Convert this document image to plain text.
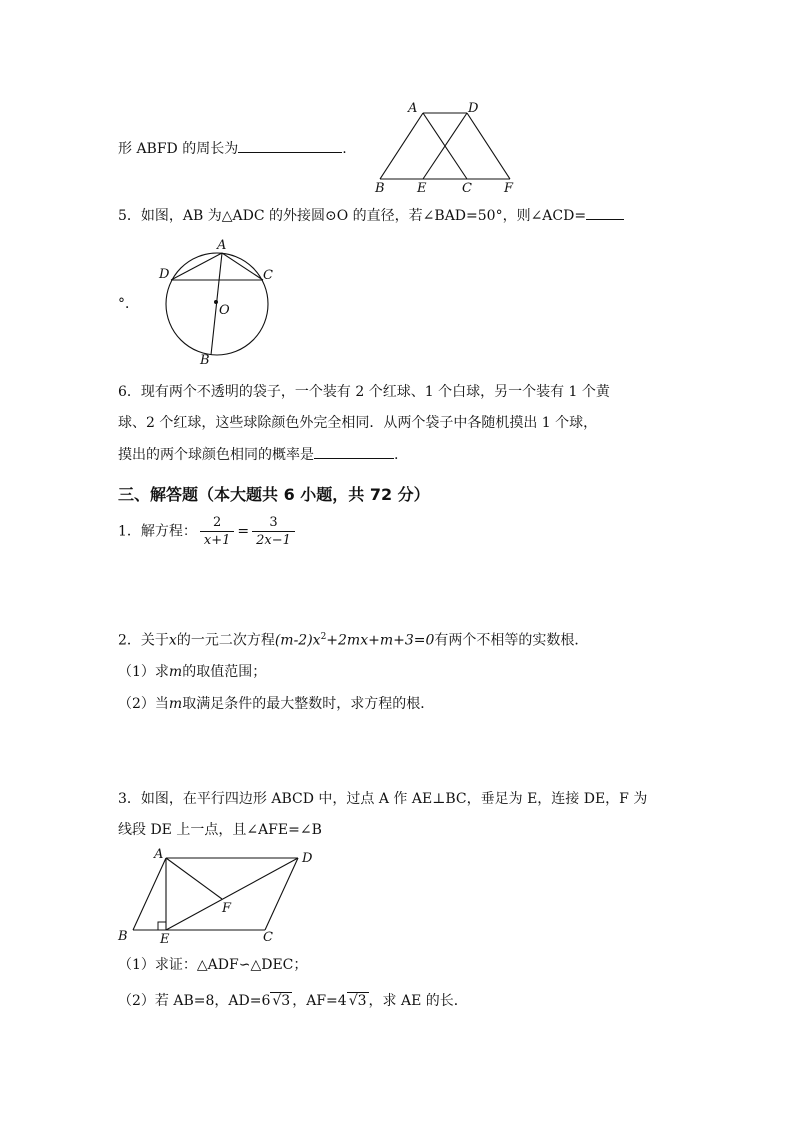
形 ABFD 的周长为	.
A	D
B E	C F
5．如图，AB 为△ADC 的外接圆⊙O 的直径，若∠BAD=50°，则∠ACD=
A
D	C
O
B
°．
6．现有两个不透明的袋子，一个装有 2 个红球、1 个白球，另一个装有 1 个黄
球、2 个红球，这些球除颜色外完全相同．从两个袋子中各随机摸出 1 个球，
摸出的两个球颜色相同的概率是	.
三、解答题（本大题共 6 小题，共 72 分）
1．解方程： $\frac{2}{x+1} = \frac{3}{2x-1}$
2．关于x的一元二次方程$(m-2)x^2+2mx+m+3=0$有两个不相等的实数根．
（1）求m的取值范围；
（2）当m取满足条件的最大整数时，求方程的根．
3．如图，在平行四边形 ABCD 中，过点 A 作 AE⊥BC，垂足为 E，连接 DE，F 为
线段 DE 上一点，且∠AFE=∠B
A	D
F
B E	C
（1）求证：△ADF∽△DEC；
（2）若 AB=8，AD=6 √3 ，AF=4 √3 ，求 AE 的长．
